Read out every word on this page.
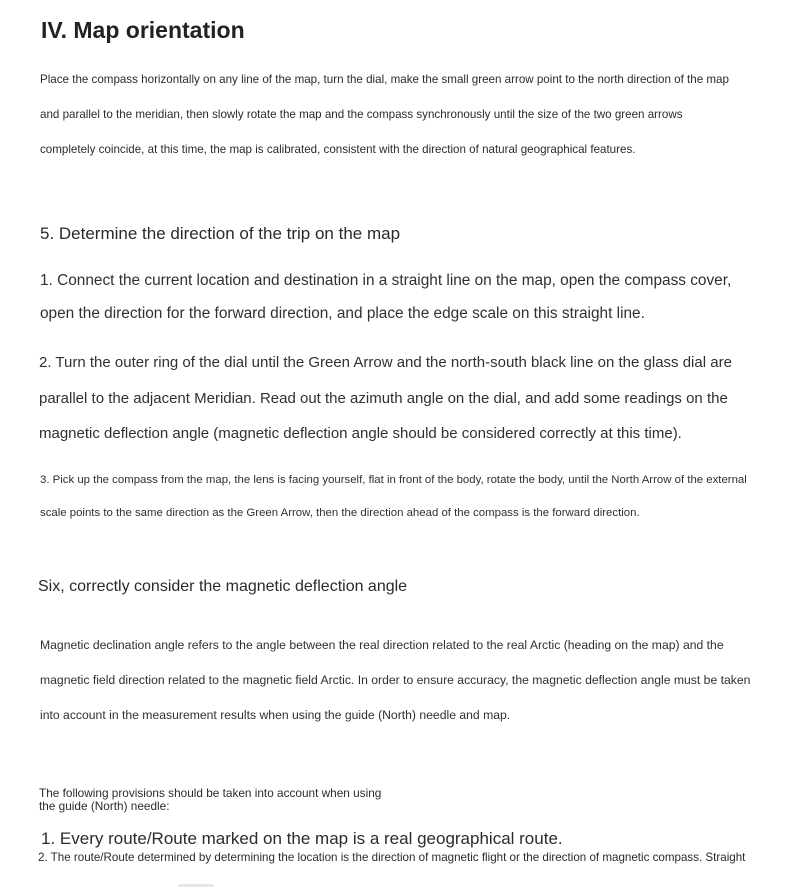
IV. Map orientation

Place the compass horizontally on any line of the map, turn the dial, make the small green arrow point to the north direction of the map and parallel to the meridian, then slowly rotate the map and the compass synchronously until the size of the two green arrows completely coincide, at this time, the map is calibrated, consistent with the direction of natural geographical features.

5. Determine the direction of the trip on the map

1. Connect the current location and destination in a straight line on the map, open the compass cover, open the direction for the forward direction, and place the edge scale on this straight line.

2. Turn the outer ring of the dial until the Green Arrow and the north-south black line on the glass dial are parallel to the adjacent Meridian. Read out the azimuth angle on the dial, and add some readings on the magnetic deflection angle (magnetic deflection angle should be considered correctly at this time).

3. Pick up the compass from the map, the lens is facing yourself, flat in front of the body, rotate the body, until the North Arrow of the external scale points to the same direction as the Green Arrow, then the direction ahead of the compass is the forward direction.

Six, correctly consider the magnetic deflection angle

Magnetic declination angle refers to the angle between the real direction related to the real Arctic (heading on the map) and the magnetic field direction related to the magnetic field Arctic. In order to ensure accuracy, the magnetic deflection angle must be taken into account in the measurement results when using the guide (North) needle and map.

The following provisions should be taken into account when using the guide (North) needle:

1. Every route/Route marked on the map is a real geographical route.

2. The route/Route determined by determining the location is the direction of magnetic flight or the direction of magnetic compass. Straight
